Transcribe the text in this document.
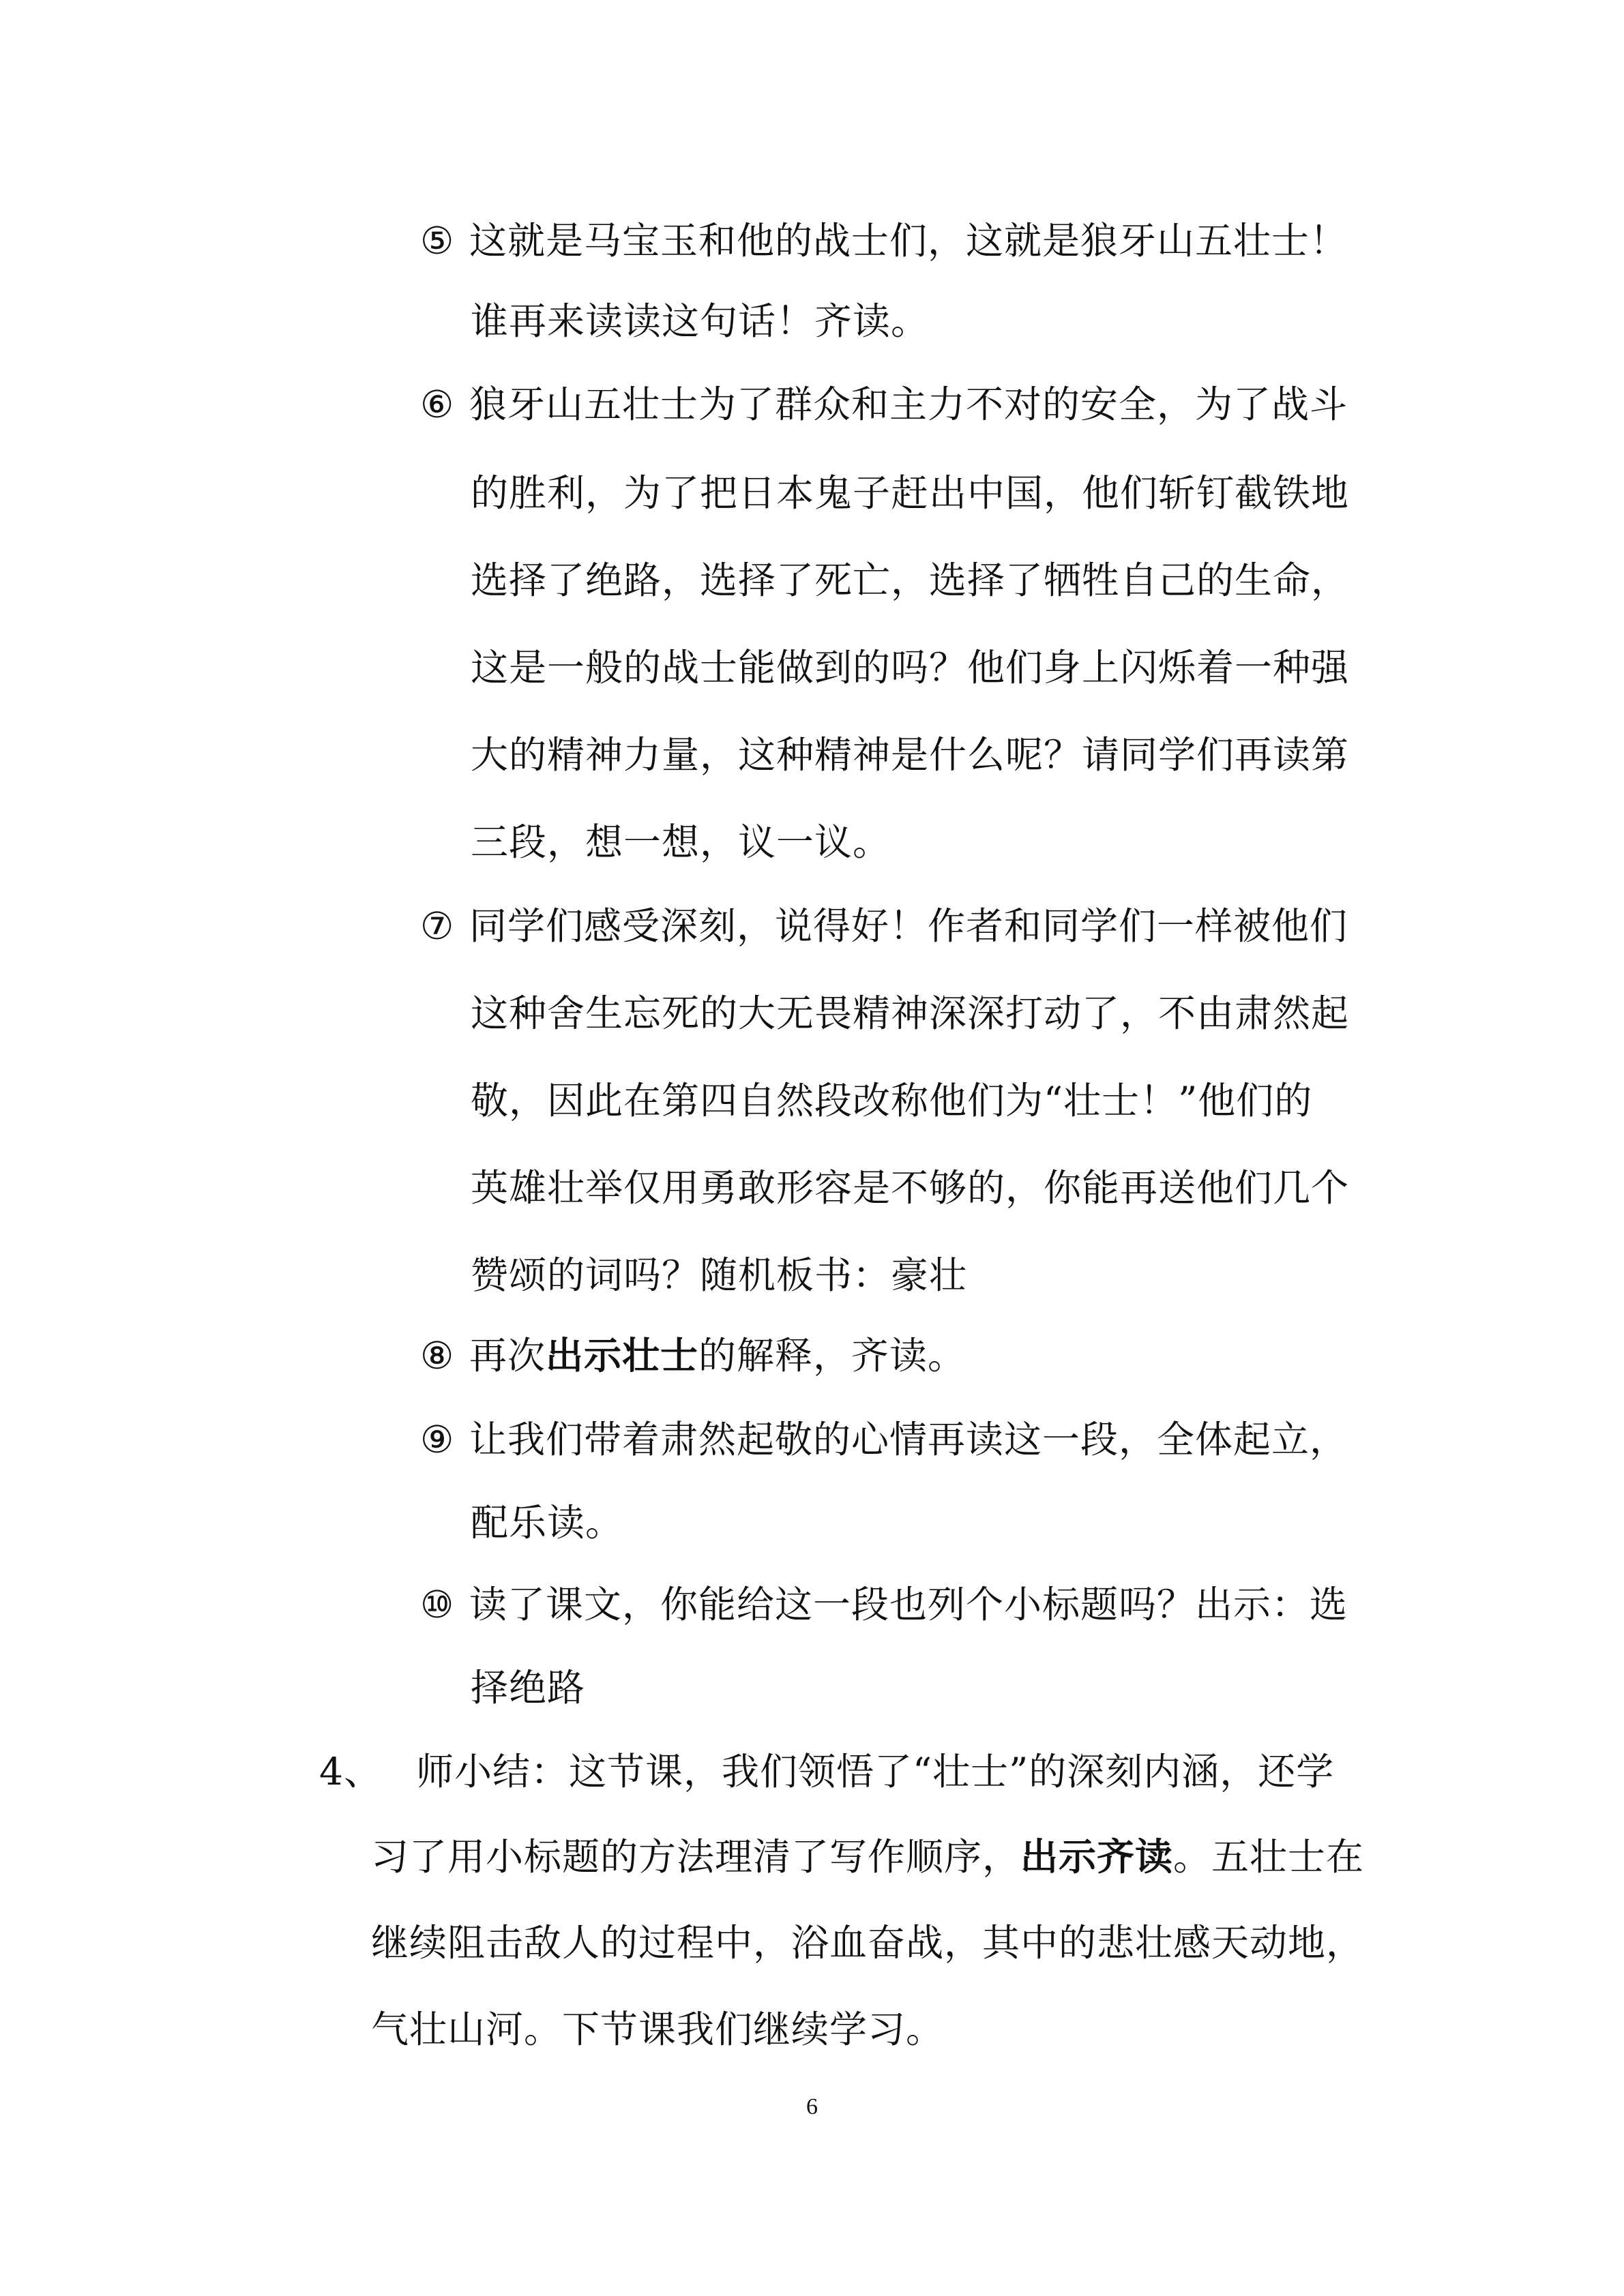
⑤ 这就是马宝玉和他的战士们，这就是狼牙山五壮士！
谁再来读读这句话！齐读。
⑥ 狼牙山五壮士为了群众和主力不对的安全，为了战斗
的胜利，为了把日本鬼子赶出中国，他们斩钉截铁地
选择了绝路，选择了死亡，选择了牺牲自己的生命，
这是一般的战士能做到的吗？他们身上闪烁着一种强
大的精神力量，这种精神是什么呢？请同学们再读第
三段，想一想，议一议。
⑦ 同学们感受深刻，说得好！作者和同学们一样被他们
这种舍生忘死的大无畏精神深深打动了，不由肃然起
敬，因此在第四自然段改称他们为“壮士！”他们的
英雄壮举仅用勇敢形容是不够的，你能再送他们几个
赞颂的词吗？随机板书：豪壮
⑧ 再次出示壮士的解释，齐读。
⑨ 让我们带着肃然起敬的心情再读这一段，全体起立，
配乐读。
⑩ 读了课文，你能给这一段也列个小标题吗？出示：选
择绝路
4、 师小结：这节课，我们领悟了“壮士”的深刻内涵，还学
习了用小标题的方法理清了写作顺序，出示齐读。五壮士在
继续阻击敌人的过程中，浴血奋战，其中的悲壮感天动地，
气壮山河。下节课我们继续学习。
6
